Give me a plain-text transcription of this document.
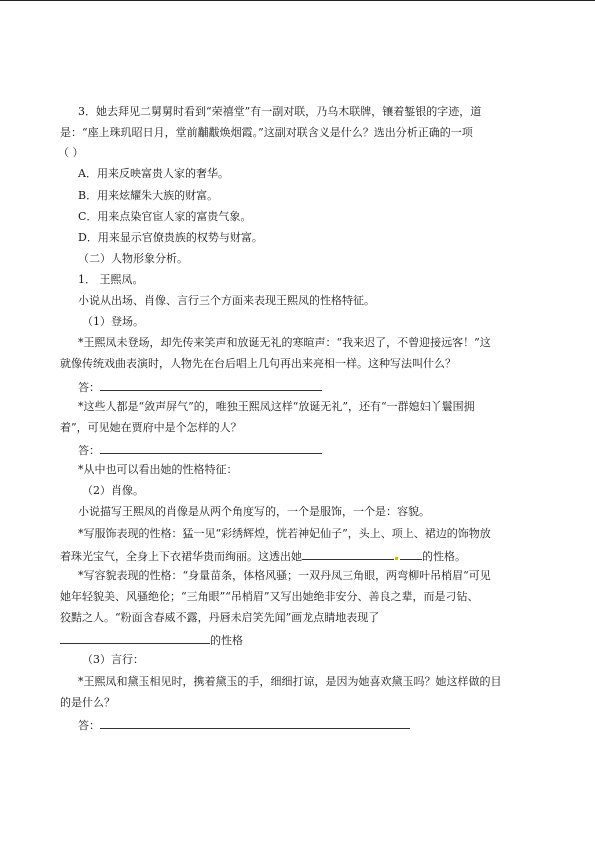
3．她去拜见二舅舅时看到“荣禧堂”有一副对联，乃乌木联牌，镶着錾银的字迹，道
是：“座上珠玑昭日月，堂前黼黻焕烟霞。”这副对联含义是什么？选出分析正确的一项
（ ）
A．用来反映富贵人家的奢华。
B．用来炫耀朱大族的财富。
C．用来点染官宦人家的富贵气象。
D．用来显示官僚贵族的权势与财富。
（二）人物形象分析。
1． 王熙凤。
小说从出场、肖像、言行三个方面来表现王熙凤的性格特征。
（1）登场。
*王熙凤未登场，却先传来笑声和放诞无礼的寒暄声：“我来迟了，不曾迎接远客！”这
就像传统戏曲表演时，人物先在台后唱上几句再出来亮相一样。这种写法叫什么？
答：
*这些人都是“敛声屏气”的，唯独王熙凤这样“放诞无礼”，还有“一群媳妇丫鬟围拥
着”，可见她在贾府中是个怎样的人？
答：
*从中也可以看出她的性格特征：
（2）肖像。
小说描写王熙凤的肖像是从两个角度写的，一个是服饰，一个是：容貌。
*写服饰表现的性格：猛一见“彩绣辉煌，恍若神妃仙子”，头上、项上、裙边的饰物放
着珠光宝气，全身上下衣裙华贵而绚丽。这透出她	的性格。
*写容貌表现的性格：“身量苗条，体格风骚；一双丹凤三角眼，两弯柳叶吊梢眉“可见
她年轻貌美、风骚绝伦；“三角眼”“吊梢眉”又写出她绝非安分、善良之辈，而是刁钻、
狡黠之人。“粉面含春威不露，丹唇未启笑先闻”画龙点睛地表现了
的性格
（3）言行：
*王熙凤和黛玉相见时，携着黛玉的手，细细打谅，是因为她喜欢黛玉吗？她这样做的目
的是什么？
答：
